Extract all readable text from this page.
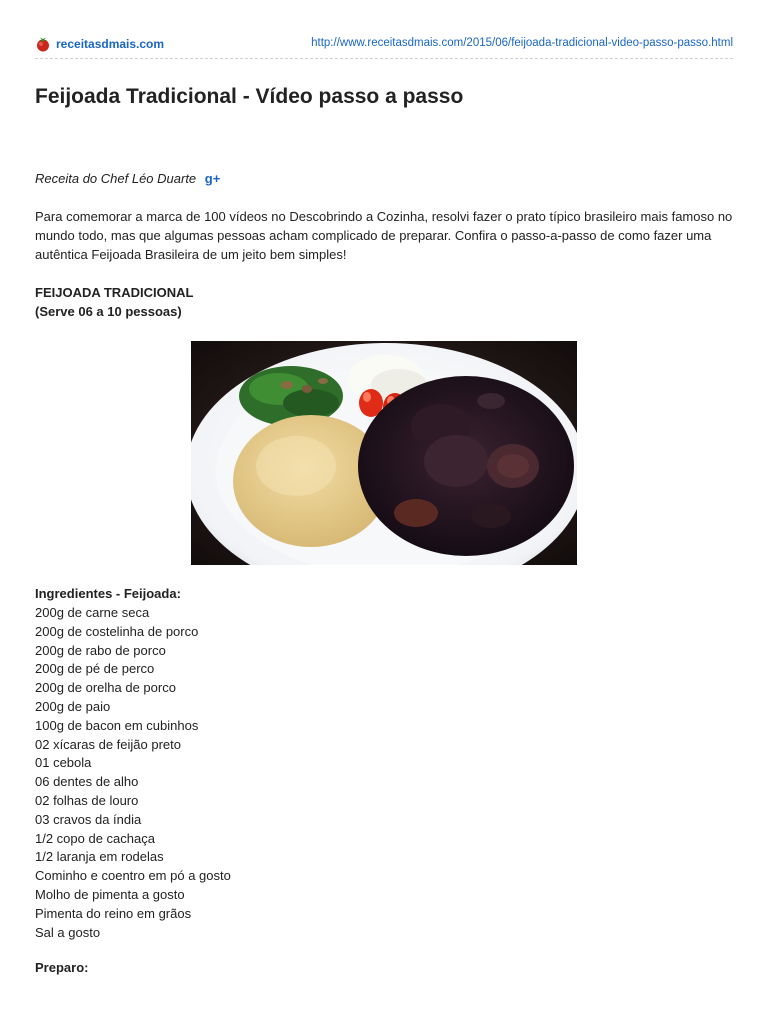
receitasdmais.com	http://www.receitasdmais.com/2015/06/feijoada-tradicional-video-passo-passo.html
Feijoada Tradicional - Vídeo passo a passo
Receita do Chef Léo Duarte g+

Para comemorar a marca de 100 vídeos no Descobrindo a Cozinha, resolvi fazer o prato típico brasileiro mais famoso no mundo todo, mas que algumas pessoas acham complicado de preparar. Confira o passo-a-passo de como fazer uma autêntica Feijoada Brasileira de um jeito bem simples!

FEIJOADA TRADICIONAL
(Serve 06 a 10 pessoas)
Ingredientes - Feijoada:
200g de carne seca
200g de costelinha de porco
200g de rabo de porco
200g de pé de perco
200g de orelha de porco
200g de paio
100g de bacon em cubinhos
02 xícaras de feijão preto
01 cebola
06 dentes de alho
02 folhas de louro
03 cravos da índia
1/2 copo de cachaça
1/2 laranja em rodelas
Cominho e coentro em pó a gosto
Molho de pimenta a gosto
Pimenta do reino em grãos
Sal a gosto
Preparo:
